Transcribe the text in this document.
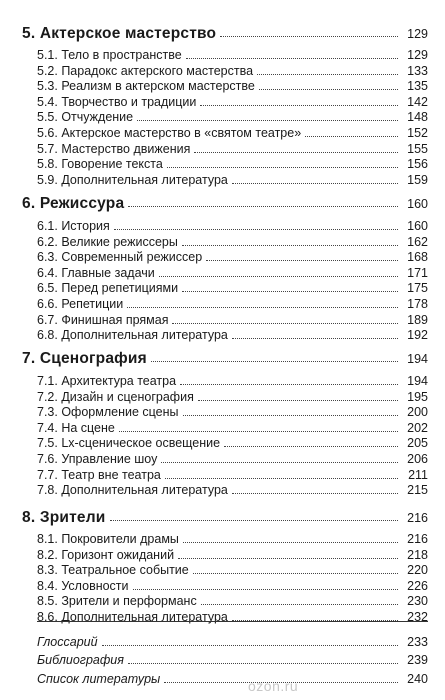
5. Актерское мастерство	129
5.1. Тело в пространстве	129
5.2. Парадокс актерского мастерства	133
5.3. Реализм в актерском мастерстве	135
5.4. Творчество и традиции	142
5.5. Отчуждение	148
5.6. Актерское мастерство в «святом театре»	152
5.7. Мастерство движения	155
5.8. Говорение текста	156
5.9. Дополнительная литература	159
6. Режиссура	160
6.1. История	160
6.2. Великие режиссеры	162
6.3. Современный режиссер	168
6.4. Главные задачи	171
6.5. Перед репетициями	175
6.6. Репетиции	178
6.7. Финишная прямая	189
6.8. Дополнительная литература	192
7. Сценография	194
7.1. Архитектура театра	194
7.2. Дизайн и сценография	195
7.3. Оформление сцены	200
7.4. На сцене	202
7.5. Lx-сценическое освещение	205
7.6. Управление шоу	206
7.7. Театр вне театра	211
7.8. Дополнительная литература	215
8. Зрители	216
8.1. Покровители драмы	216
8.2. Горизонт ожиданий	218
8.3. Театральное событие	220
8.4. Условности	226
8.5. Зрители и перформанс	230
8.6. Дополнительная литература	232
Глоссарий	233
Библиография	239
Список литературы	240
ozon.ru
